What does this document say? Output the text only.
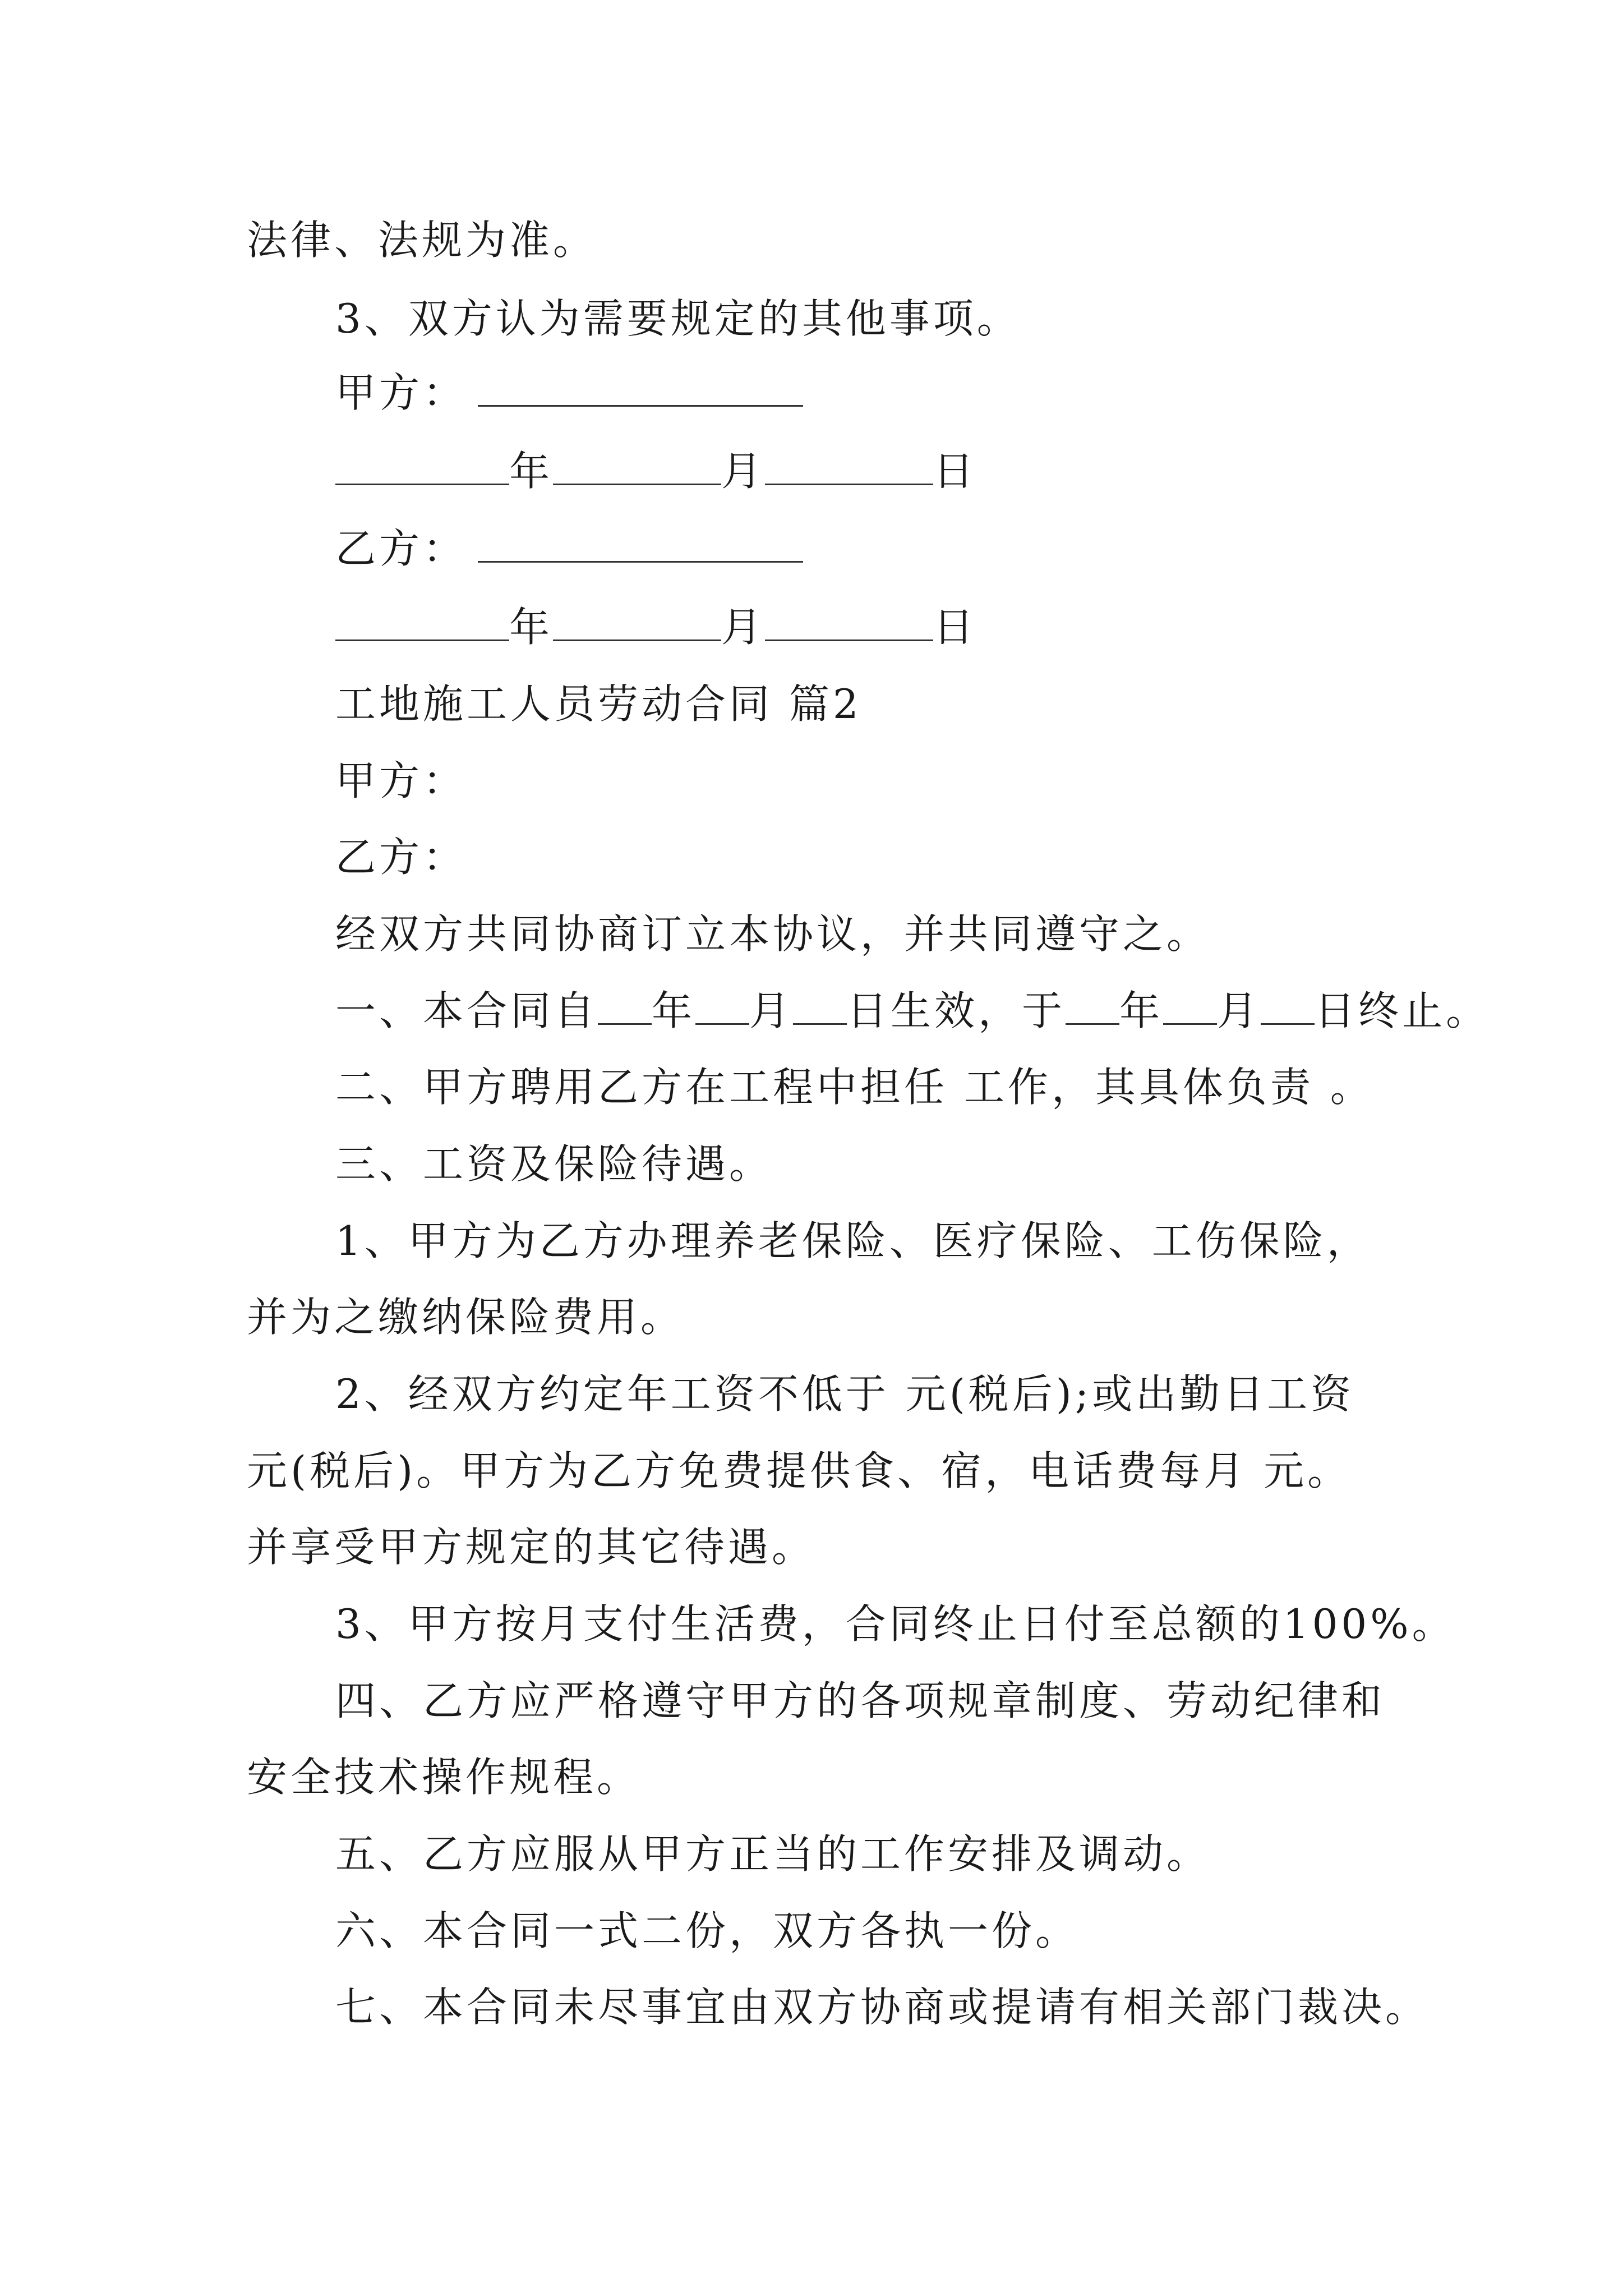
法律、法规为准。
3、双方认为需要规定的其他事项。
甲方：
年	月	日
乙方：
年	月	日
工地施工人员劳动合同 篇2
甲方：
乙方：
经双方共同协商订立本协议，并共同遵守之。
一、本合同自 年 月 日生效，于 年 月 日终止。
二、甲方聘用乙方在工程中担任 工作，其具体负责 。
三、工资及保险待遇。
1、甲方为乙方办理养老保险、医疗保险、工伤保险，
并为之缴纳保险费用。
2、经双方约定年工资不低于 元(税后);或出勤日工资
元(税后)。甲方为乙方免费提供食、宿，电话费每月 元。
并享受甲方规定的其它待遇。
3、甲方按月支付生活费，合同终止日付至总额的100%。
四、乙方应严格遵守甲方的各项规章制度、劳动纪律和
安全技术操作规程。
五、乙方应服从甲方正当的工作安排及调动。
六、本合同一式二份，双方各执一份。
七、本合同未尽事宜由双方协商或提请有相关部门裁决。
